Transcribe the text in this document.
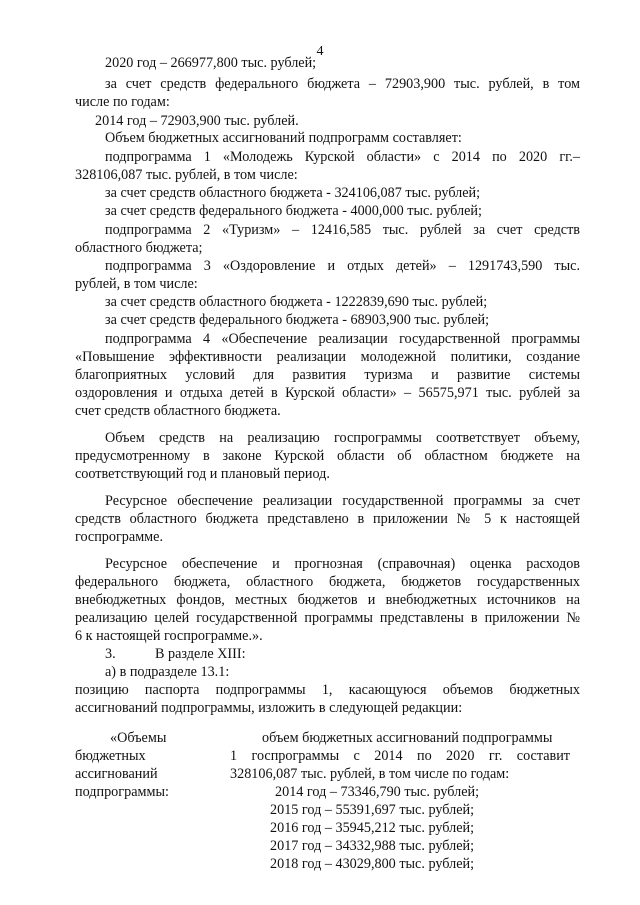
4
2020 год – 266977,800 тыс. рублей;
за счет средств федерального бюджета – 72903,900 тыс. рублей, в том
числе по годам:
2014 год – 72903,900 тыс. рублей.
Объем бюджетных ассигнований подпрограмм составляет:
подпрограмма 1 «Молодежь Курской области» с 2014 по 2020 гг.–
328106,087 тыс. рублей, в том числе:
за счет средств областного бюджета - 324106,087 тыс. рублей;
за счет средств федерального бюджета - 4000,000 тыс. рублей;
подпрограмма 2 «Туризм» – 12416,585 тыс. рублей за счет средств
областного бюджета;
подпрограмма 3 «Оздоровление и отдых детей» – 1291743,590 тыс.
рублей, в том числе:
за счет средств областного бюджета - 1222839,690 тыс. рублей;
за счет средств федерального бюджета - 68903,900 тыс. рублей;
подпрограмма 4 «Обеспечение реализации государственной программы
«Повышение эффективности реализации молодежной политики, создание
благоприятных условий для развития туризма и развитие системы
оздоровления и отдыха детей в Курской области» – 56575,971 тыс. рублей за
счет средств областного бюджета.
Объем средств на реализацию госпрограммы соответствует объему,
предусмотренному в законе Курской области об областном бюджете на
соответствующий год и плановый период.
Ресурсное обеспечение реализации государственной программы за счет
средств областного бюджета представлено в приложении № 5 к настоящей
госпрограмме.
Ресурсное обеспечение и прогнозная (справочная) оценка расходов
федерального бюджета, областного бюджета, бюджетов государственных
внебюджетных фондов, местных бюджетов и внебюджетных источников на
реализацию целей государственной программы представлены в приложении №
6 к настоящей госпрограмме.».
3.	В разделе XIII:
а) в подразделе 13.1:
позицию паспорта подпрограммы 1, касающуюся объемов бюджетных
ассигнований подпрограммы, изложить в следующей редакции:
«Объемы
бюджетных
ассигнований
подпрограммы:
объем бюджетных ассигнований подпрограммы
1 госпрограммы с 2014 по 2020 гг. составит
328106,087 тыс. рублей, в том числе по годам:
2014 год – 73346,790 тыс. рублей;
2015 год – 55391,697 тыс. рублей;
2016 год – 35945,212 тыс. рублей;
2017 год – 34332,988 тыс. рублей;
2018 год – 43029,800 тыс. рублей;
